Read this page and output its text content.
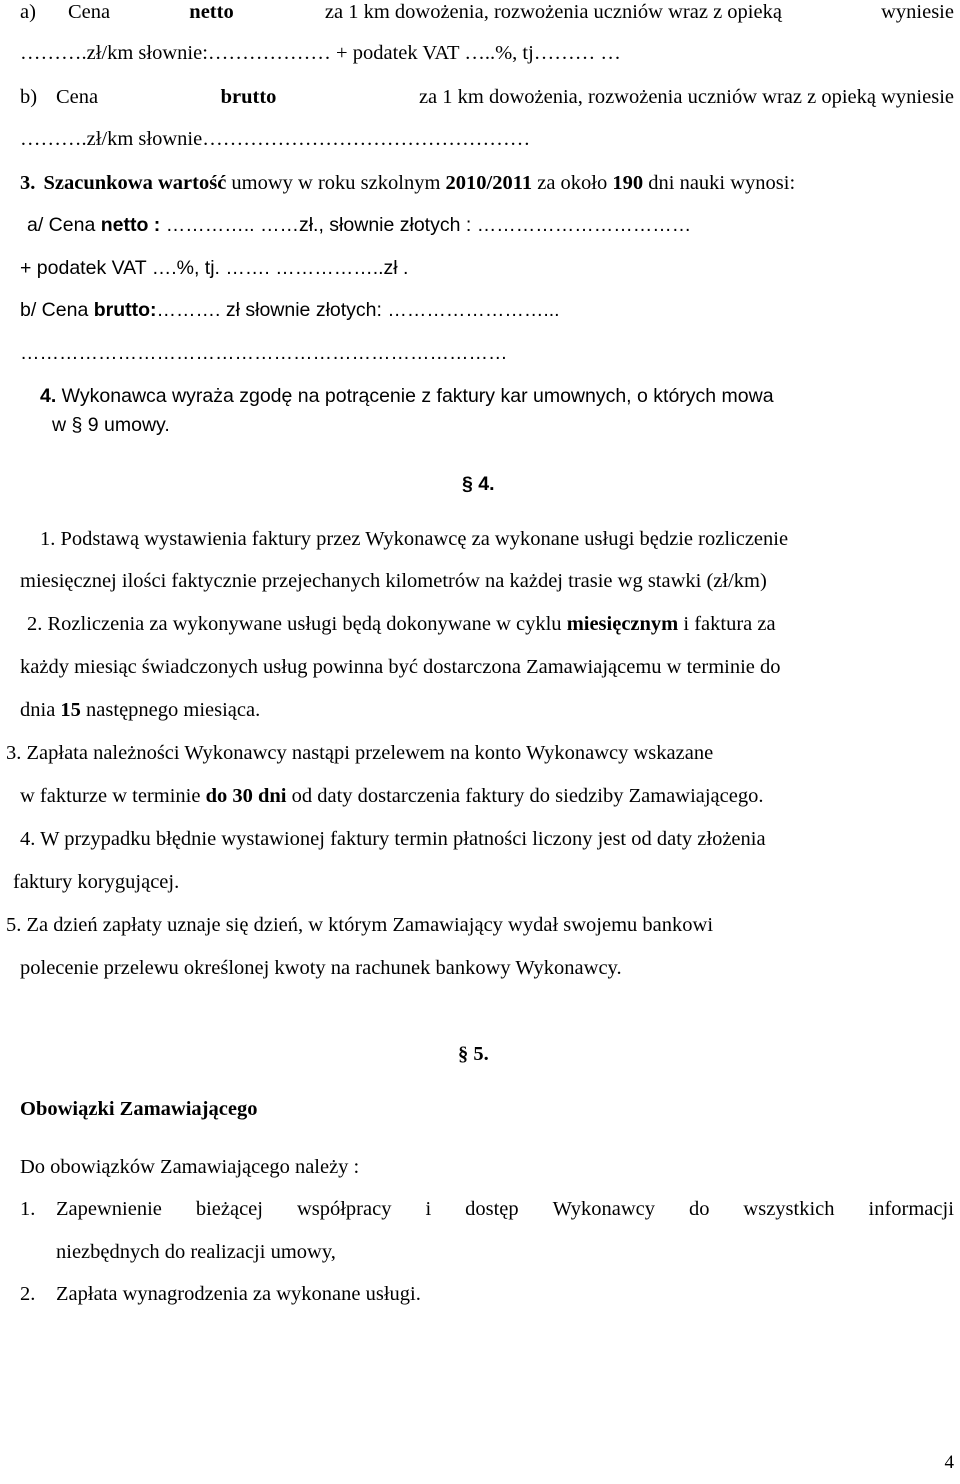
a) Cena	netto	za 1 km dowożenia, rozwożenia uczniów wraz z opieką	wyniesie
……….zł/km słownie:……………… + podatek VAT …..%, tj……… …
b) Cena	brutto	za 1 km dowożenia, rozwożenia uczniów wraz z opieką wyniesie
……….zł/km słownie…………………………………………
3. Szacunkowa wartość umowy w roku szkolnym 2010/2011 za około 190 dni nauki wynosi:
a/ Cena netto : ………….. ……zł., słownie złotych : ……………………………
+ podatek VAT ….%, tj. ……. ……………..zł .
b/ Cena brutto:………. zł słownie złotych: ……………………...
…………………………………………………………………
4. Wykonawca wyraża zgodę na potrącenie z faktury kar umownych, o których mowa
w § 9 umowy.
§ 4.
1. Podstawą wystawienia faktury przez Wykonawcę za wykonane usługi będzie rozliczenie
miesięcznej ilości faktycznie przejechanych kilometrów na każdej trasie wg stawki (zł/km)
2. Rozliczenia za wykonywane usługi będą dokonywane w cyklu miesięcznym i faktura za
każdy miesiąc świadczonych usług powinna być dostarczona Zamawiającemu w terminie do
dnia 15 następnego miesiąca.
3. Zapłata należności Wykonawcy nastąpi przelewem na konto Wykonawcy wskazane
w fakturze w terminie do 30 dni od daty dostarczenia faktury do siedziby Zamawiającego.
4. W przypadku błędnie wystawionej faktury termin płatności liczony jest od daty złożenia
faktury korygującej.
5. Za dzień zapłaty uznaje się dzień, w którym Zamawiający wydał swojemu bankowi
polecenie przelewu określonej kwoty na rachunek bankowy Wykonawcy.
§ 5.
Obowiązki Zamawiającego
Do obowiązków Zamawiającego należy :
1. Zapewnienie bieżącej współpracy i dostęp Wykonawcy do wszystkich informacji
niezbędnych do realizacji umowy,
2. Zapłata wynagrodzenia za wykonane usługi.
4
